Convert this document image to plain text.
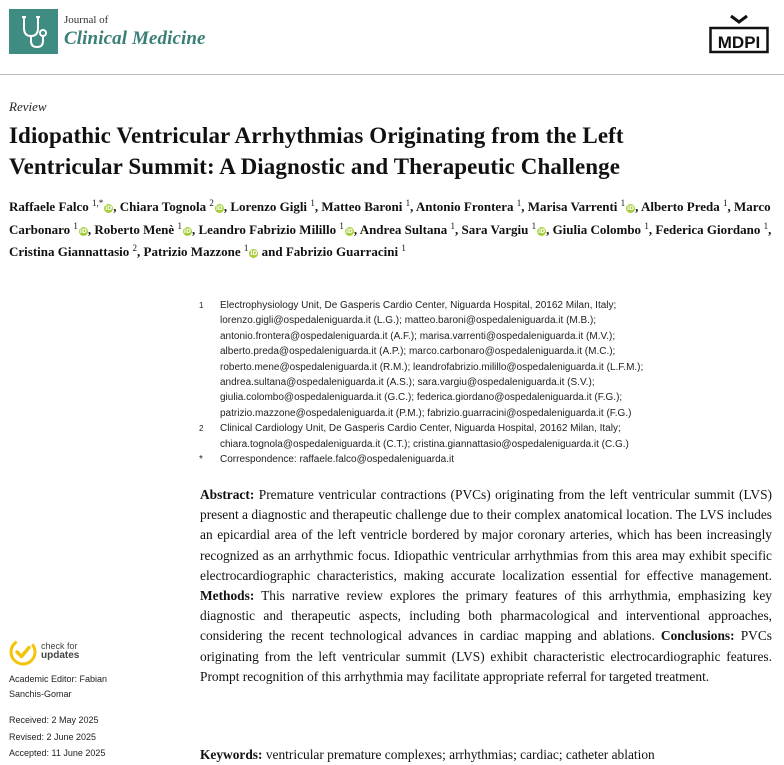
Journal of
Clinical Medicine	MDPI
Review
Idiopathic Ventricular Arrhythmias Originating from the Left
Ventricular Summit: A Diagnostic and Therapeutic Challenge
Raffaele Falco $^{1,*}$iD, Chiara Tognola $^2$iD, Lorenzo Gigli $^1$, Matteo Baroni $^1$, Antonio Frontera $^1$, Marisa Varrenti $^1$iD, Alberto Preda $^1$, Marco Carbonaro $^1$iD, Roberto Menè $^1$iD, Leandro Fabrizio Milillo $^1$iD, Andrea Sultana $^1$, Sara Vargiu $^1$iD, Giulia Colombo $^1$, Federica Giordano $^1$, Cristina Giannattasio $^2$, Patrizio Mazzone $^1$iD and Fabrizio Guarracini $^1$
1	Electrophysiology Unit, De Gasperis Cardio Center, Niguarda Hospital, 20162 Milan, Italy;
lorenzo.gigli@ospedaleniguarda.it (L.G.); matteo.baroni@ospedaleniguarda.it (M.B.);
antonio.frontera@ospedaleniguarda.it (A.F.); marisa.varrenti@ospedaleniguarda.it (M.V.);
alberto.preda@ospedaleniguarda.it (A.P.); marco.carbonaro@ospedaleniguarda.it (M.C.);
roberto.mene@ospedaleniguarda.it (R.M.); leandrofabrizio.milillo@ospedaleniguarda.it (L.F.M.);
andrea.sultana@ospedaleniguarda.it (A.S.); sara.vargiu@ospedaleniguarda.it (S.V.);
giulia.colombo@ospedaleniguarda.it (G.C.); federica.giordano@ospedaleniguarda.it (F.G.);
patrizio.mazzone@ospedaleniguarda.it (P.M.); fabrizio.guarracini@ospedaleniguarda.it (F.G.)
2	Clinical Cardiology Unit, De Gasperis Cardio Center, Niguarda Hospital, 20162 Milan, Italy;
chiara.tognola@ospedaleniguarda.it (C.T.); cristina.giannattasio@ospedaleniguarda.it (C.G.)
*	Correspondence: raffaele.falco@ospedaleniguarda.it
Abstract: Premature ventricular contractions (PVCs) originating from the left ventricular summit (LVS) present a diagnostic and therapeutic challenge due to their complex anatomical location. The LVS includes an epicardial area of the left ventricle bordered by major coronary arteries, which has been increasingly recognized as an arrhythmic focus. Idiopathic ventricular arrhythmias from this area may exhibit specific electrocardiographic characteristics, making accurate localization essential for effective management. Methods: This narrative review explores the primary features of this arrhythmia, emphasizing key diagnostic and therapeutic aspects, including both pharmacological and interventional approaches, considering the recent technological advances in cardiac mapping and ablations. Conclusions: PVCs originating from the left ventricular summit (LVS) exhibit characteristic electrocardiographic features. Prompt recognition of this arrhythmia may facilitate appropriate referral for targeted treatment.
Keywords: ventricular premature complexes; arrhythmias; cardiac; catheter ablation
check for
updates
Academic Editor: Fabian
Sanchis-Gomar
Received: 2 May 2025
Revised: 2 June 2025
Accepted: 11 June 2025
